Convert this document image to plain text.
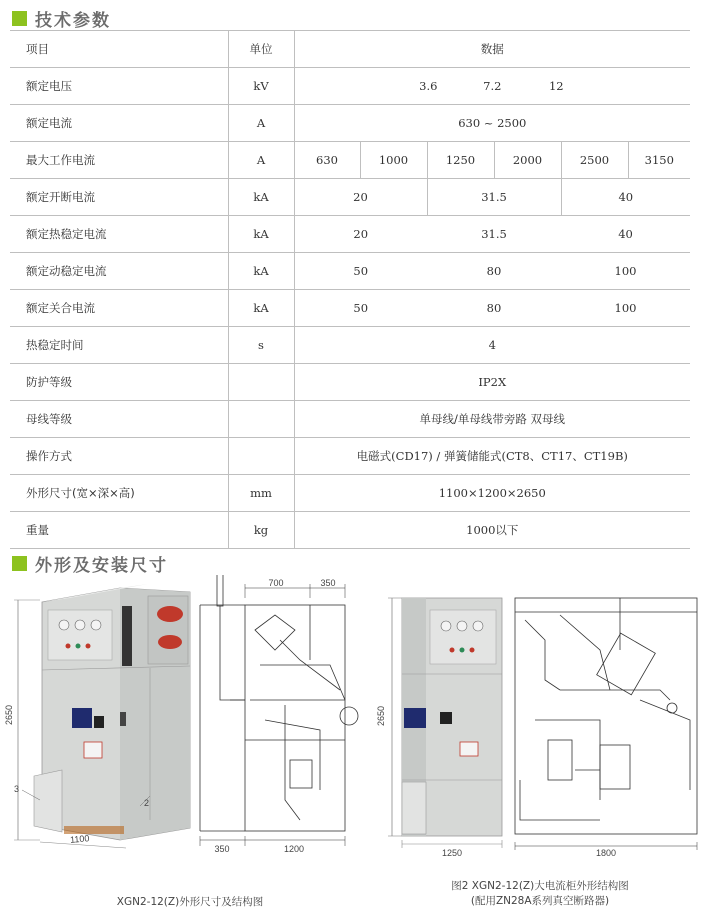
技术参数
项目	单位	数据					
额定电压	kV	3.6 7.2 12					
额定电流	A	630 ~ 2500					
最大工作电流	A	630	1000	1250	2000	2500	3150
额定开断电流	kA	20		31.5		40	
额定热稳定电流	kA	20		31.5		40	
额定动稳定电流	kA	50		80		100	
额定关合电流	kA	50		80		100	
热稳定时间	s	4					
防护等级		IP2X					
母线等级		单母线/单母线带旁路 双母线					
操作方式		电磁式(CD17) / 弹簧储能式(CT8、CT17、CT19B)					
外形尺寸(宽×深×高)	mm	1100×1200×2650					
重量	kg	1000以下					
外形及安装尺寸
2650
3
2
1100
700	350
350	1200
2650
1250	1800
XGN2-12(Z)外形尺寸及结构图
图2 XGN2-12(Z)大电流柜外形结构图
(配用ZN28A系列真空断路器)
